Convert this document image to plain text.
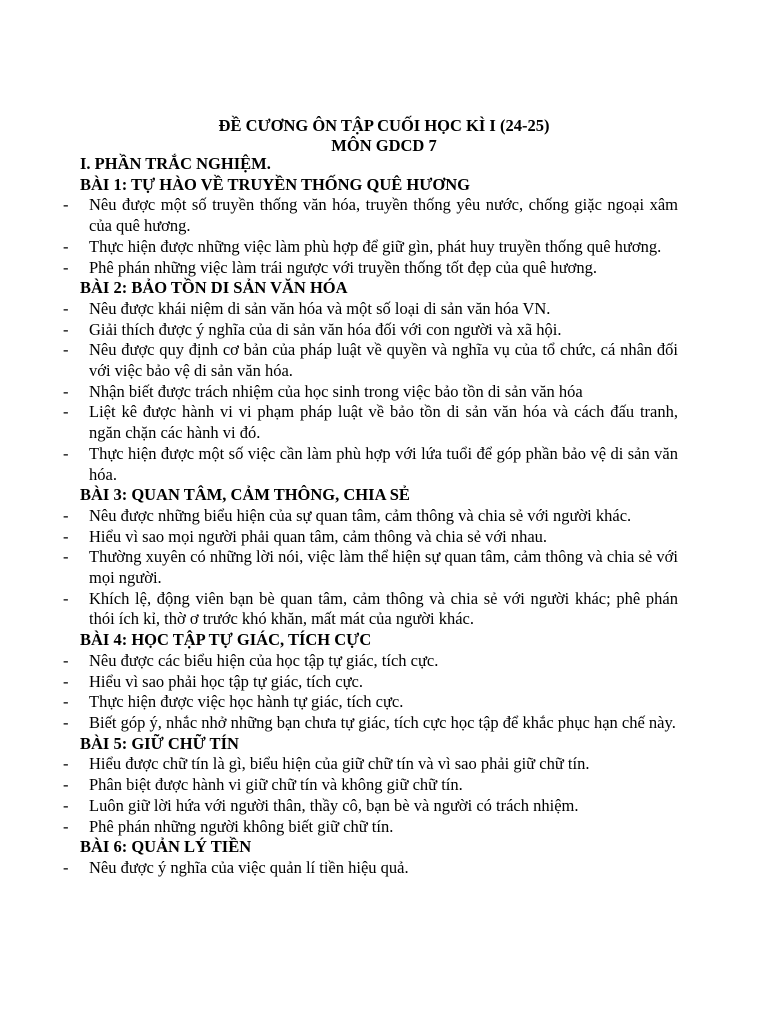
ĐỀ CƯƠNG ÔN TẬP CUỐI HỌC KÌ I (24-25)
MÔN GDCD 7
I. PHẦN TRẮC NGHIỆM.
BÀI 1: TỰ HÀO VỀ TRUYỀN THỐNG QUÊ HƯƠNG
- Nêu được một số truyền thống văn hóa, truyền thống yêu nước, chống giặc ngoại xâm của quê hương.
- Thực hiện được những việc làm phù hợp để giữ gìn, phát huy truyền thống quê hương.
- Phê phán những việc làm trái ngược với truyền thống tốt đẹp của quê hương.
BÀI 2: BẢO TỒN DI SẢN VĂN HÓA
- Nêu được khái niệm di sản văn hóa và một số loại di sản văn hóa VN.
- Giải thích được ý nghĩa của di sản văn hóa đối với con người và xã hội.
- Nêu được quy định cơ bản của pháp luật về quyền và nghĩa vụ của tổ chức, cá nhân đối với việc bảo vệ di sản văn hóa.
- Nhận biết được trách nhiệm của học sinh trong việc bảo tồn di sản văn hóa
- Liệt kê được hành vi vi phạm pháp luật về bảo tồn di sản văn hóa và cách đấu tranh, ngăn chặn các hành vi đó.
- Thực hiện được một số việc cần làm phù hợp với lứa tuổi để góp phần bảo vệ di sản văn hóa.
BÀI 3: QUAN TÂM, CẢM THÔNG, CHIA SẺ
- Nêu được những biểu hiện của sự quan tâm, cảm thông và chia sẻ với người khác.
- Hiểu vì sao mọi người phải quan tâm, cảm thông và chia sẻ với nhau.
- Thường xuyên có những lời nói, việc làm thể hiện sự quan tâm, cảm thông và chia sẻ với mọi người.
- Khích lệ, động viên bạn bè quan tâm, cảm thông và chia sẻ với người khác; phê phán thói ích kỉ, thờ ơ trước khó khăn, mất mát của người khác.
BÀI 4: HỌC TẬP TỰ GIÁC, TÍCH CỰC
- Nêu được các biểu hiện của học tập tự giác, tích cực.
- Hiểu vì sao phải học tập tự giác, tích cực.
- Thực hiện được việc học hành tự giác, tích cực.
- Biết góp ý, nhắc nhở những bạn chưa tự giác, tích cực học tập để khắc phục hạn chế này.
BÀI 5: GIỮ CHỮ TÍN
- Hiểu được chữ tín là gì, biểu hiện của giữ chữ tín và vì sao phải giữ chữ tín.
- Phân biệt được hành vi giữ chữ tín và không giữ chữ tín.
- Luôn giữ lời hứa với người thân, thầy cô, bạn bè và người có trách nhiệm.
- Phê phán những người không biết giữ chữ tín.
BÀI 6: QUẢN LÝ TIỀN
- Nêu được ý nghĩa của việc quản lí tiền hiệu quả.
